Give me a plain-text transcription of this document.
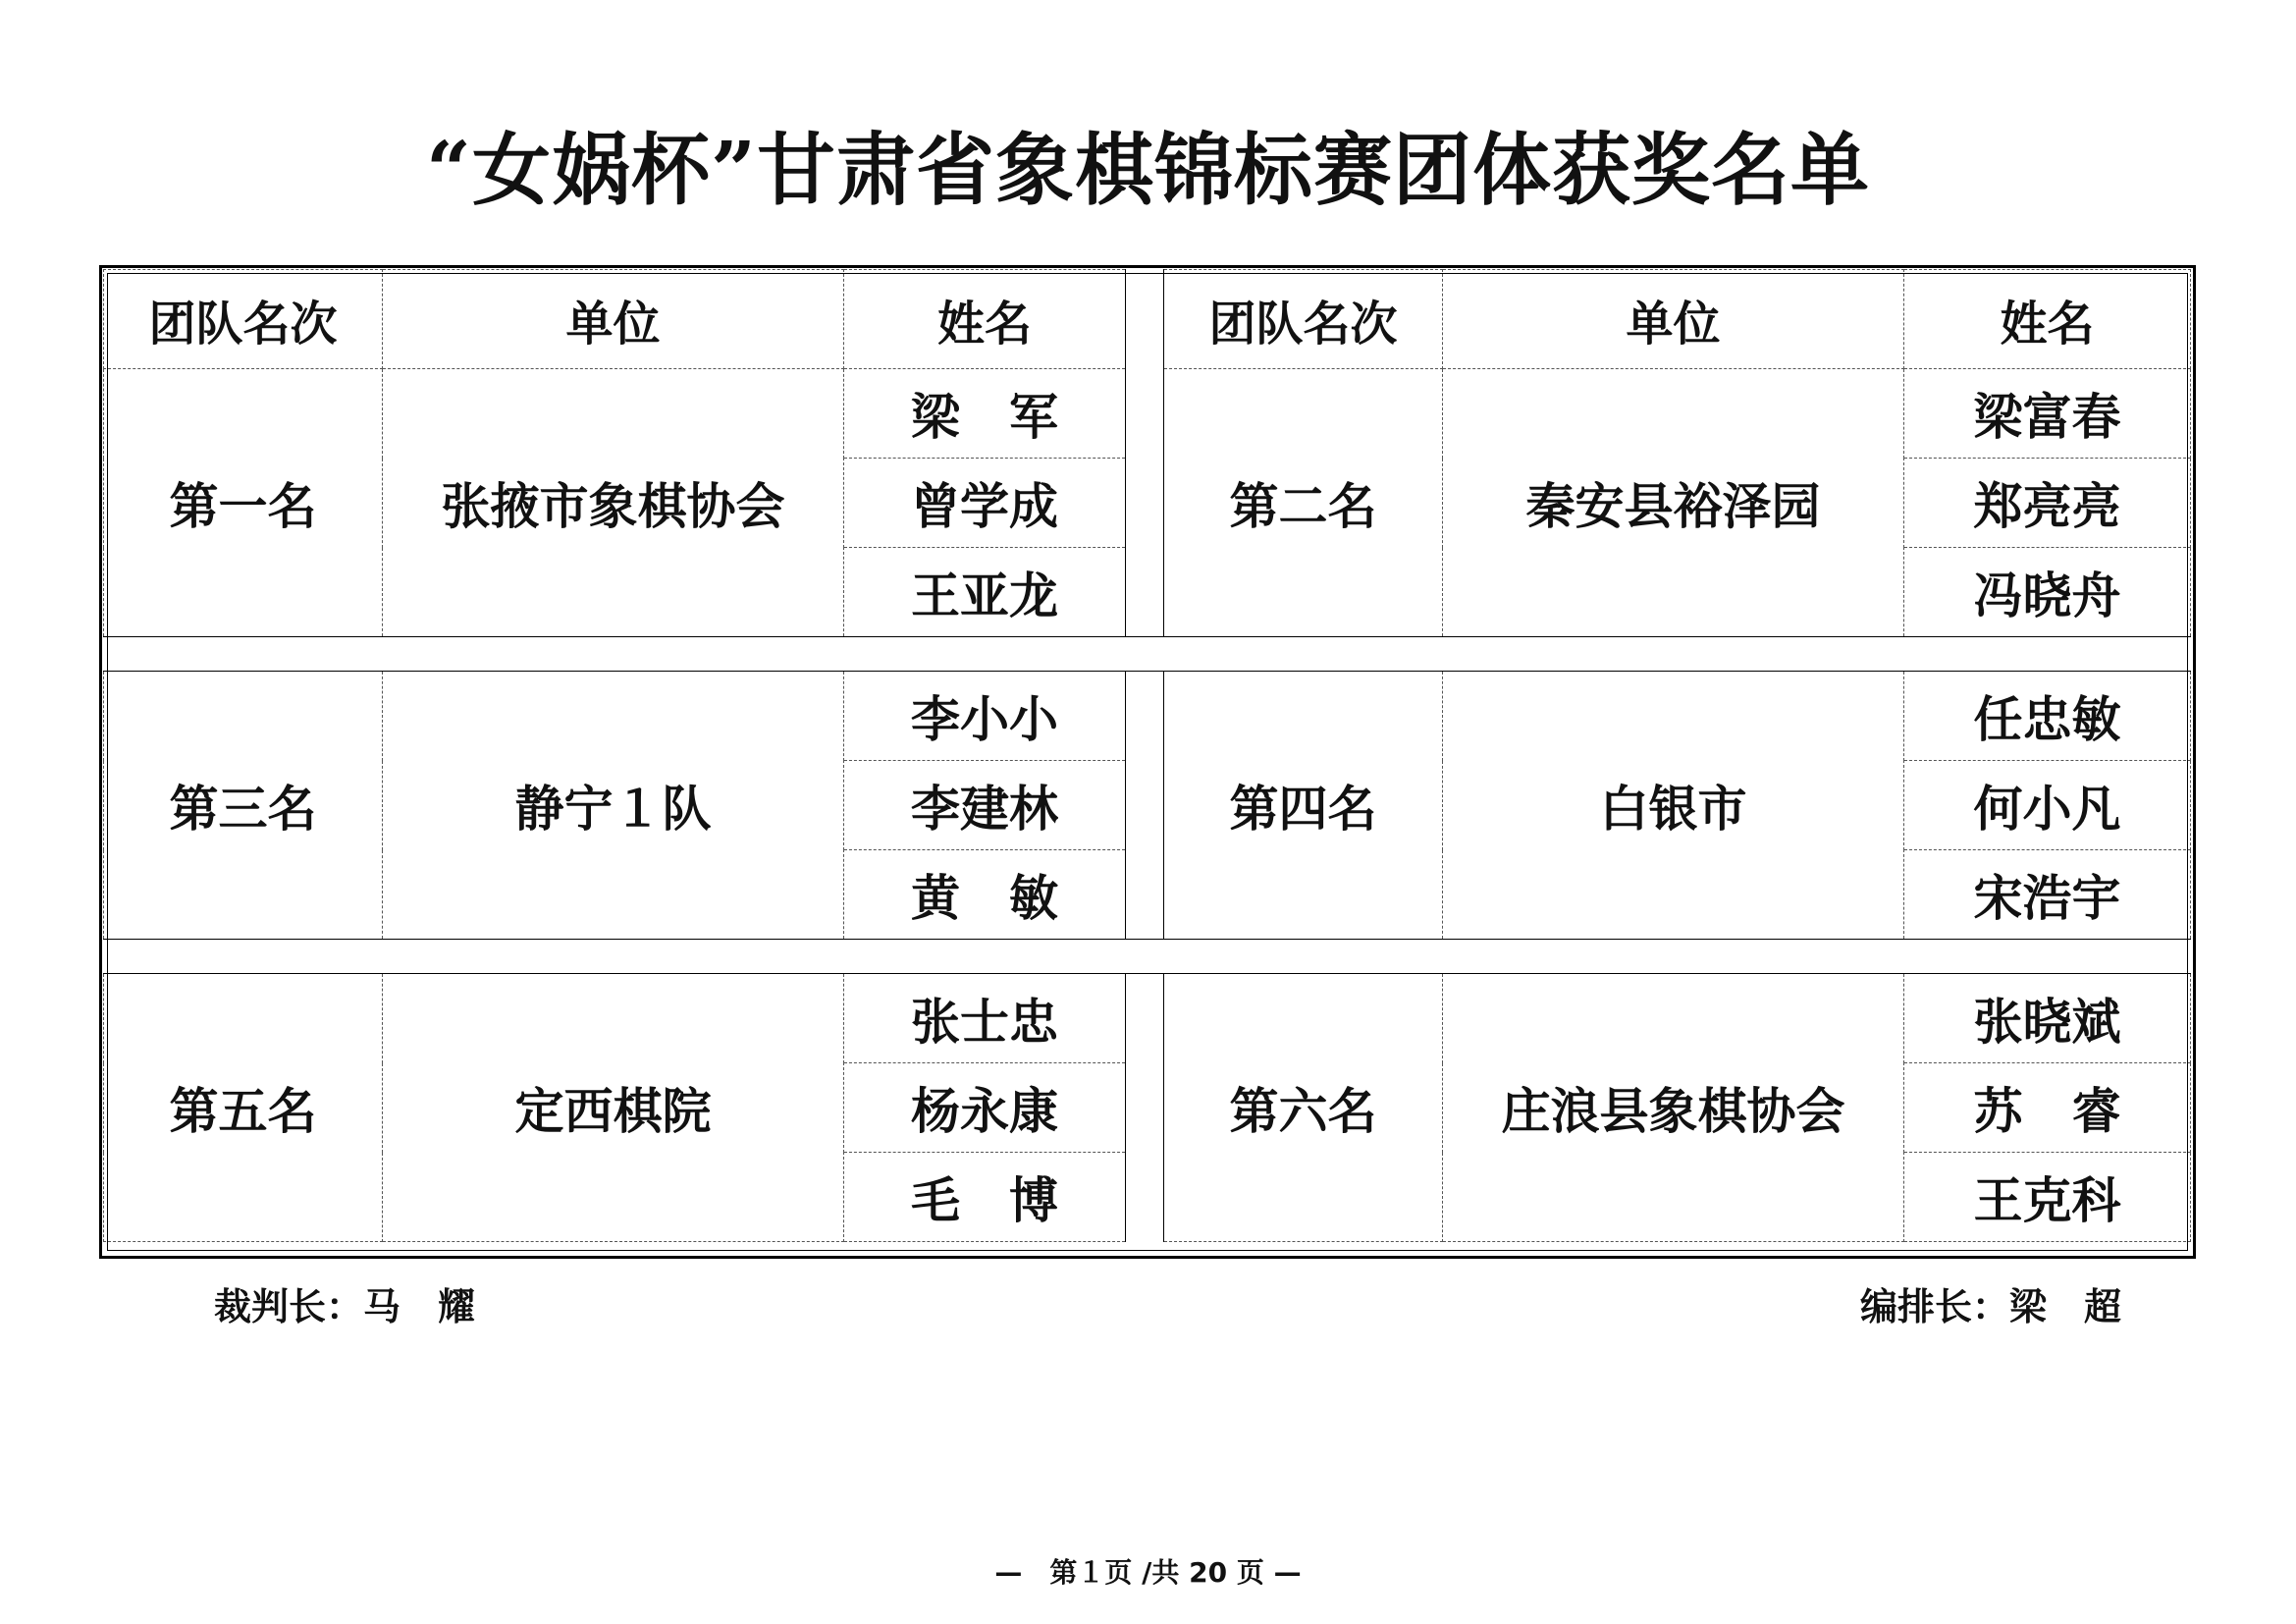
“女娲杯”甘肃省象棋锦标赛团体获奖名单
团队名次	单位	姓名		团队名次	单位	姓名
第一名	张掖市象棋协会	梁　军		第二名	秦安县裕泽园	梁富春
		曾学成				郑亮亮
		王亚龙				冯晓舟

第三名	静宁１队	李小小		第四名	白银市	任忠敏
		李建林				何小凡
		黄　敏				宋浩宇

第五名	定西棋院	张士忠		第六名	庄浪县象棋协会	张晓斌
		杨永康				苏　睿
		毛　博				王克科
裁判长：马　耀	编排长：梁　超
—　第１页 /共 20 页 —
